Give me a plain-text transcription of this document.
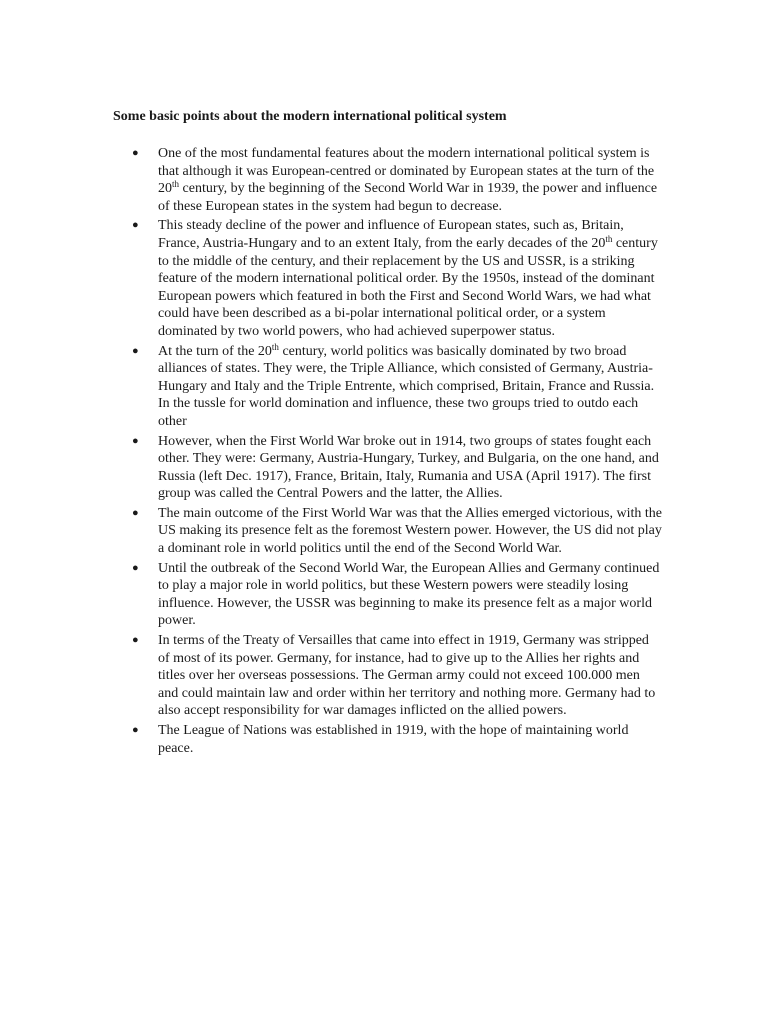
Some basic points about the modern international political system
● One of the most fundamental features about the modern international political system is that although it was European-centred or dominated by European states at the turn of the 20th century, by the beginning of the Second World War in 1939, the power and influence of these European states in the system had begun to decrease.
● This steady decline of the power and influence of European states, such as, Britain, France, Austria-Hungary and to an extent Italy, from the early decades of the 20th century to the middle of the century, and their replacement by the US and USSR, is a striking feature of the modern international political order. By the 1950s, instead of the dominant European powers which featured in both the First and Second World Wars, we had what could have been described as a bi-polar international political order, or a system dominated by two world powers, who had achieved superpower status.
● At the turn of the 20th century, world politics was basically dominated by two broad alliances of states. They were, the Triple Alliance, which consisted of Germany, Austria-Hungary and Italy and the Triple Entrente, which comprised, Britain, France and Russia. In the tussle for world domination and influence, these two groups tried to outdo each other
● However, when the First World War broke out in 1914, two groups of states fought each other. They were: Germany, Austria-Hungary, Turkey, and Bulgaria, on the one hand, and Russia (left Dec. 1917), France, Britain, Italy, Rumania and USA (April 1917). The first group was called the Central Powers and the latter, the Allies.
● The main outcome of the First World War was that the Allies emerged victorious, with the US making its presence felt as the foremost Western power. However, the US did not play a dominant role in world politics until the end of the Second World War.
● Until the outbreak of the Second World War, the European Allies and Germany continued to play a major role in world politics, but these Western powers were steadily losing influence. However, the USSR was beginning to make its presence felt as a major world power.
● In terms of the Treaty of Versailles that came into effect in 1919, Germany was stripped of most of its power. Germany, for instance, had to give up to the Allies her rights and titles over her overseas possessions. The German army could not exceed 100.000 men and could maintain law and order within her territory and nothing more. Germany had to also accept responsibility for war damages inflicted on the allied powers.
● The League of Nations was established in 1919, with the hope of maintaining world peace.
